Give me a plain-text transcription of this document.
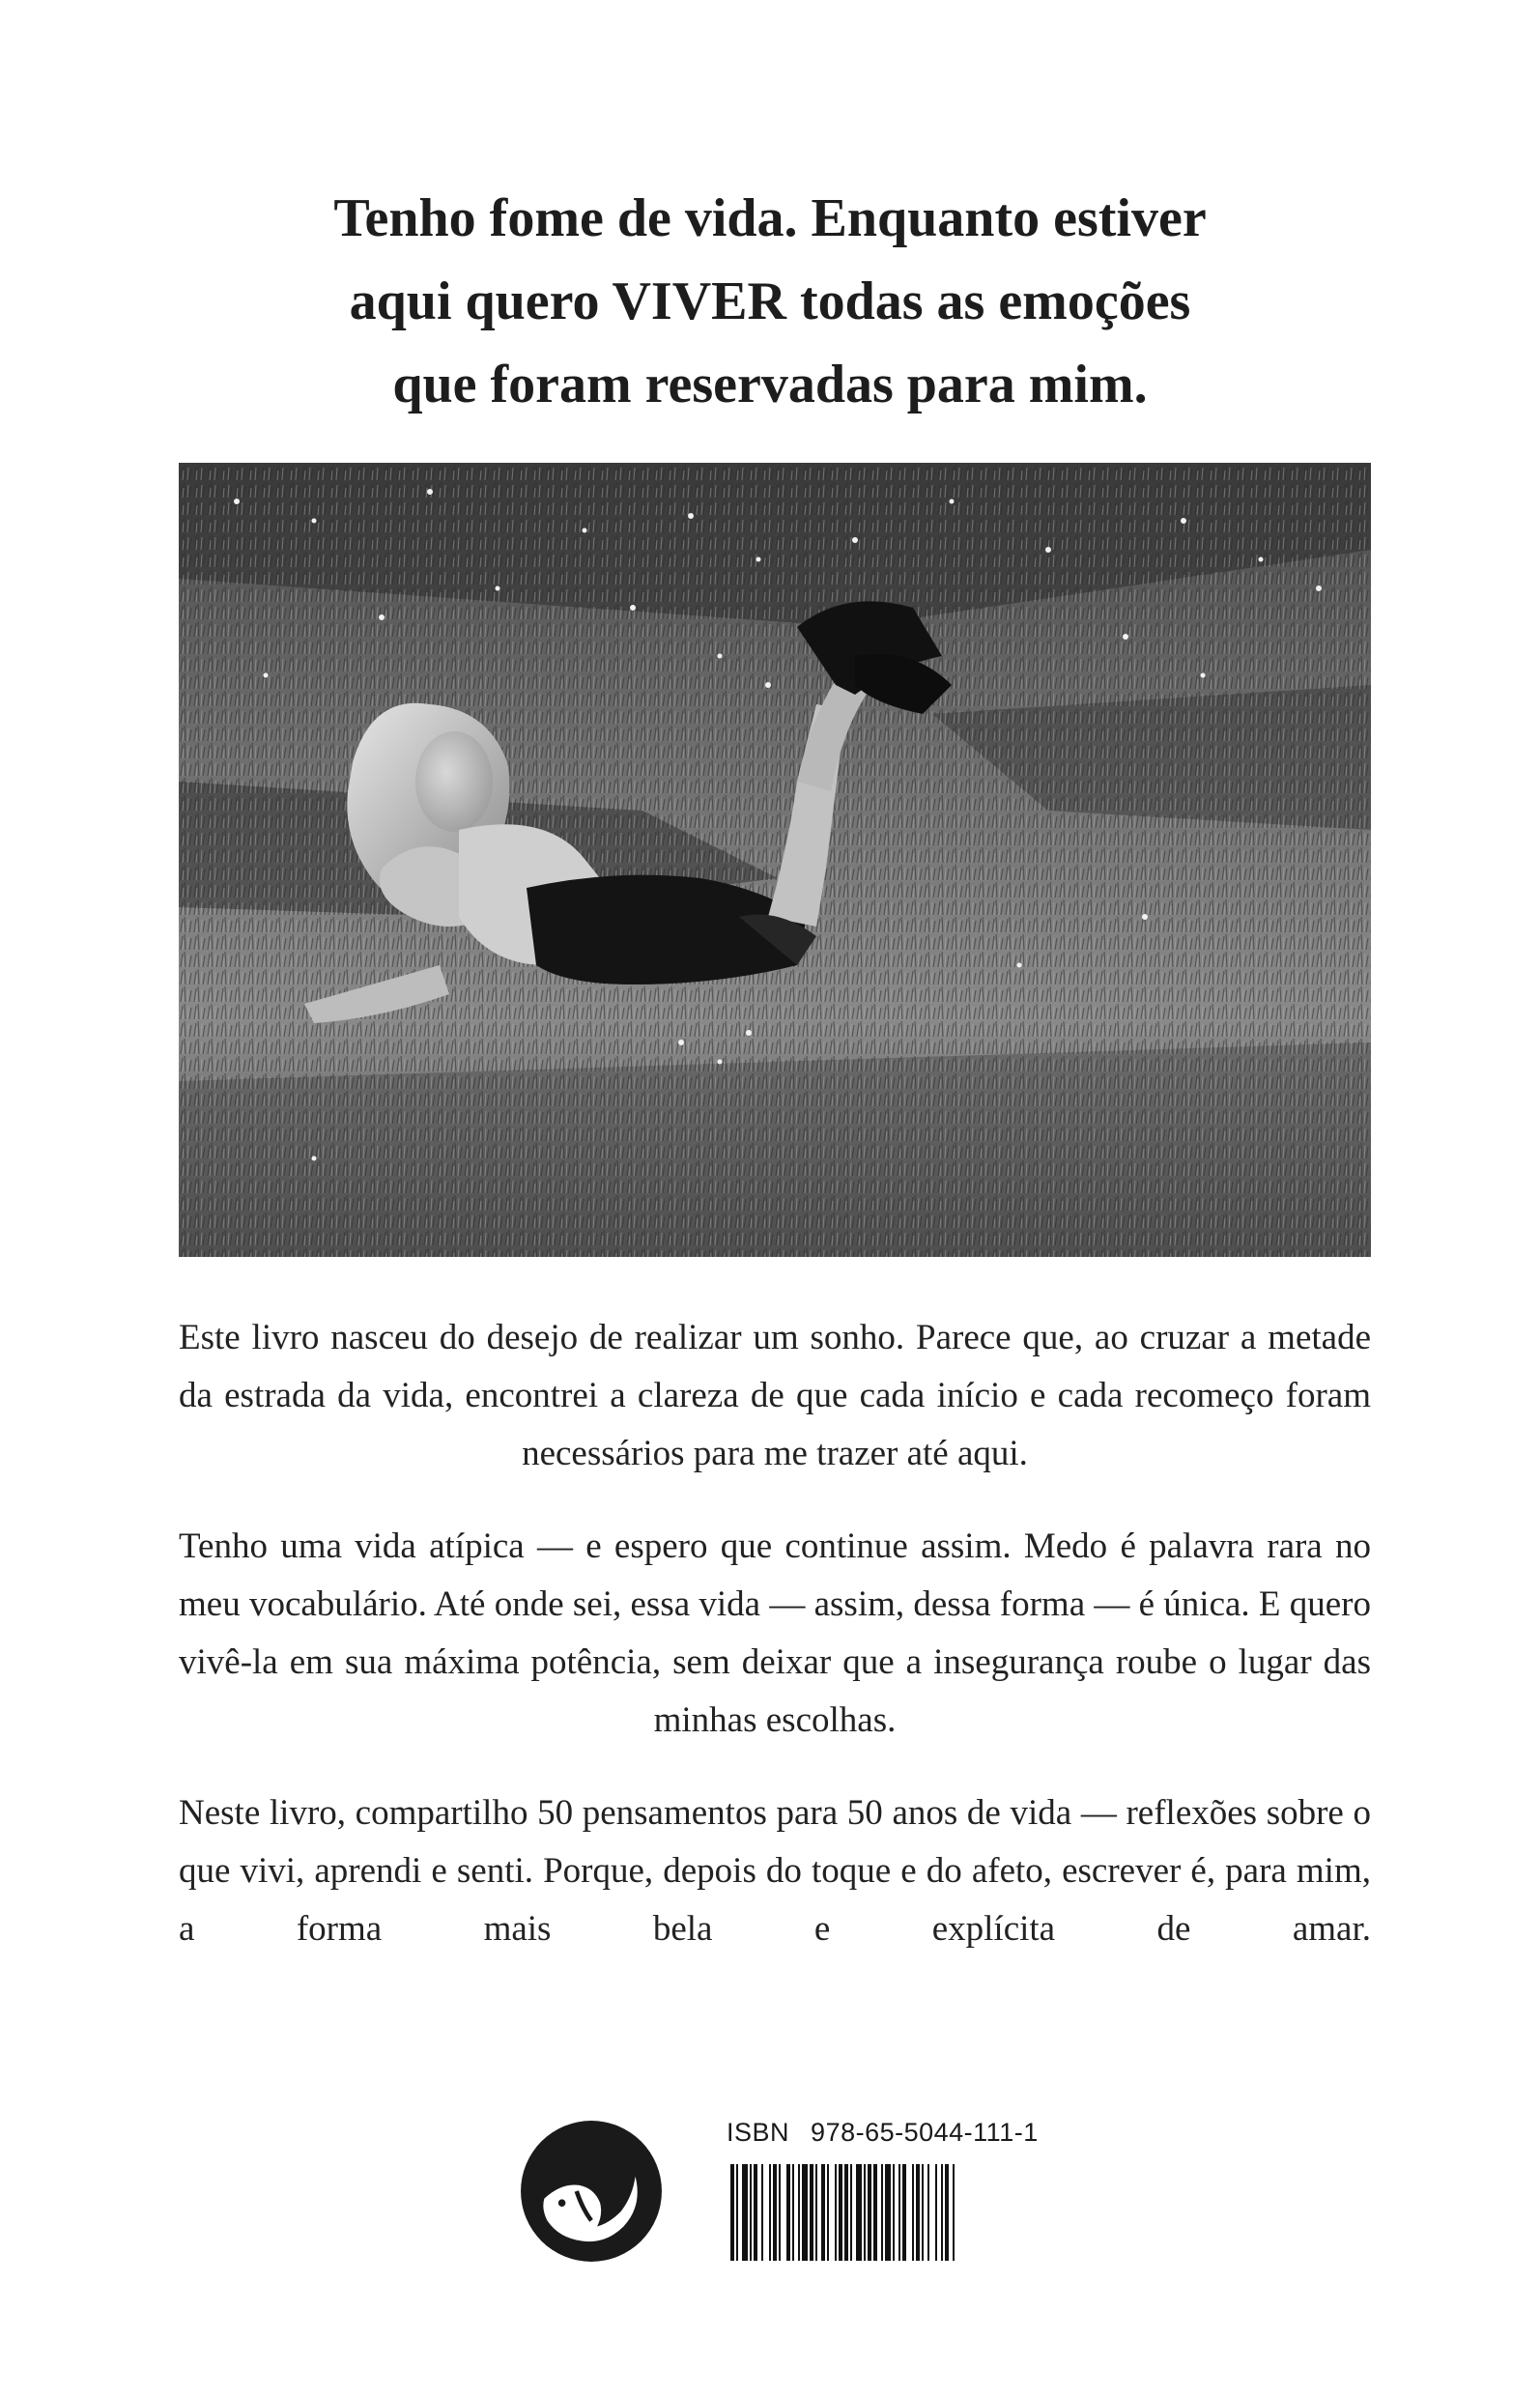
Tenho fome de vida. Enquanto estiver
aqui quero VIVER todas as emoções
que foram reservadas para mim.

Este livro nasceu do desejo de realizar um sonho. Parece que, ao cruzar a metade da estrada da vida, encontrei a clareza de que cada início e cada recomeço foram necessários para me trazer até aqui.

Tenho uma vida atípica — e espero que continue assim. Medo é palavra rara no meu vocabulário. Até onde sei, essa vida — assim, dessa forma — é única. E quero vivê-la em sua máxima potência, sem deixar que a insegurança roube o lugar das minhas escolhas.

Neste livro, compartilho 50 pensamentos para 50 anos de vida — reflexões sobre o que vivi, aprendi e senti. Porque, depois do toque e do afeto, escrever é, para mim, a forma mais bela e explícita de amar.

ISBN 978-65-5044-111-1
